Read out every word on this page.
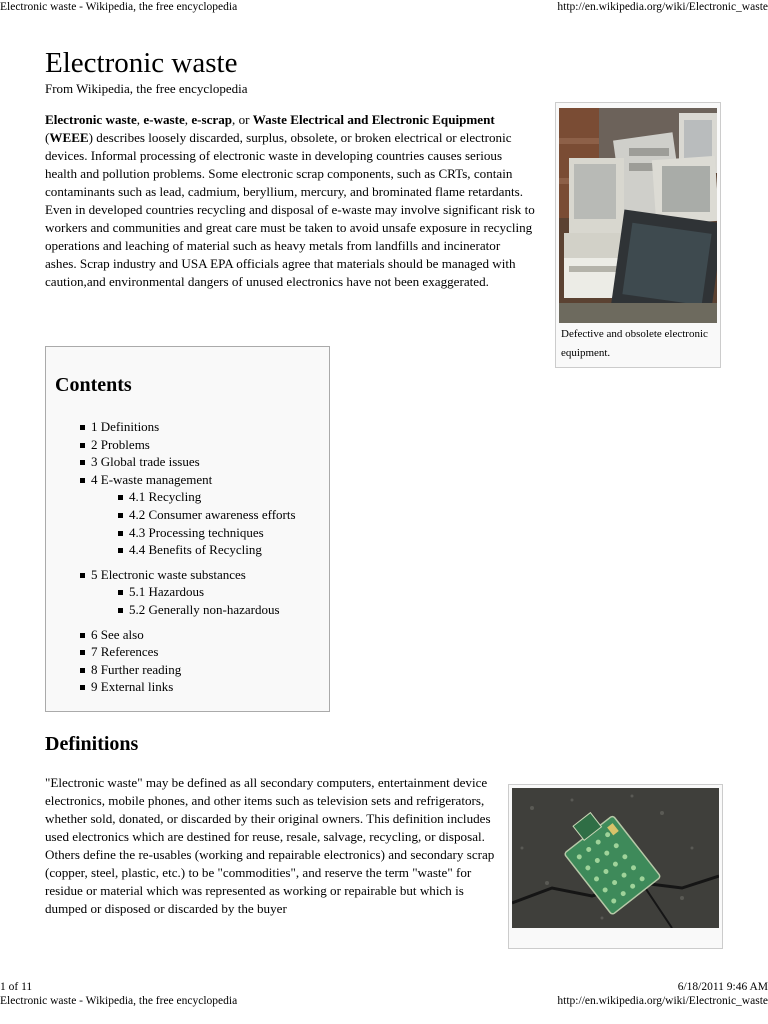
Electronic waste - Wikipedia, the free encyclopedia	http://en.wikipedia.org/wiki/Electronic_waste
Electronic waste
From Wikipedia, the free encyclopedia

Electronic waste, e-waste, e-scrap, or Waste Electrical and Electronic Equipment (WEEE) describes loosely discarded, surplus, obsolete, or broken electrical or electronic devices. Informal processing of electronic waste in developing countries causes serious health and pollution problems. Some electronic scrap components, such as CRTs, contain contaminants such as lead, cadmium, beryllium, mercury, and brominated flame retardants. Even in developed countries recycling and disposal of e-waste may involve significant risk to workers and communities and great care must be taken to avoid unsafe exposure in recycling operations and leaching of material such as heavy metals from landfills and incinerator ashes. Scrap industry and USA EPA officials agree that materials should be managed with caution,and environmental dangers of unused electronics have not been exaggerated.

Defective and obsolete electronic equipment.
Contents
1 Definitions
2 Problems
3 Global trade issues
4 E-waste management
4.1 Recycling
4.2 Consumer awareness efforts
4.3 Processing techniques
4.4 Benefits of Recycling
5 Electronic waste substances
5.1 Hazardous
5.2 Generally non-hazardous
6 See also
7 References
8 Further reading
9 External links
Definitions

"Electronic waste" may be defined as all secondary computers, entertainment device electronics, mobile phones, and other items such as television sets and refrigerators, whether sold, donated, or discarded by their original owners. This definition includes used electronics which are destined for reuse, resale, salvage, recycling, or disposal. Others define the re-usables (working and repairable electronics) and secondary scrap (copper, steel, plastic, etc.) to be "commodities", and reserve the term "waste" for residue or material which was represented as working or repairable but which is dumped or disposed or discarded by the buyer

1 of 11	6/18/2011 9:46 AM
Electronic waste - Wikipedia, the free encyclopedia	http://en.wikipedia.org/wiki/Electronic_waste
